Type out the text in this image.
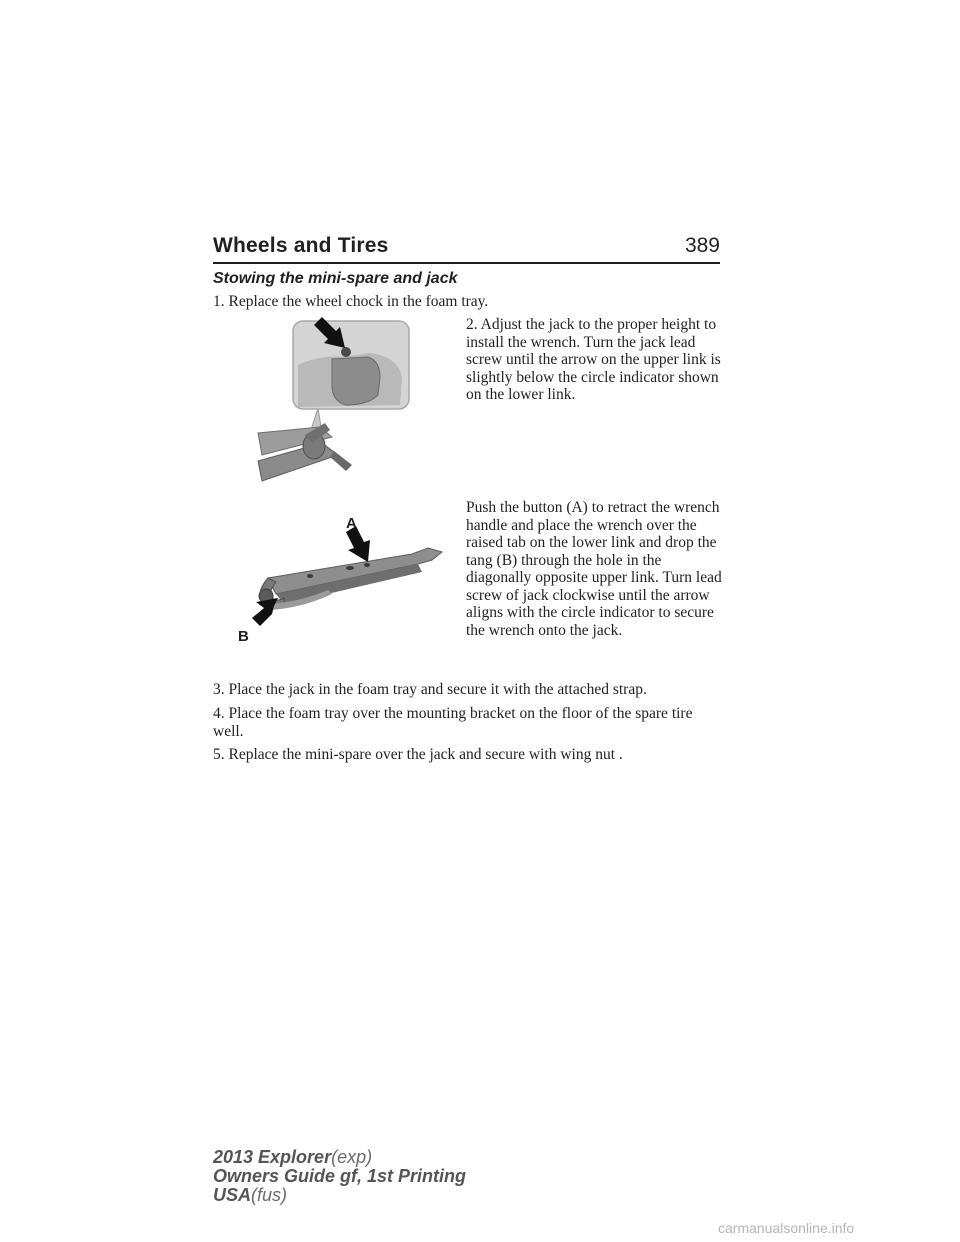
Wheels and Tires	389
Stowing the mini-spare and jack

1. Replace the wheel chock in the foam tray.

2. Adjust the jack to the proper height to install the wrench. Turn the jack lead screw until the arrow on the upper link is slightly below the circle indicator shown on the lower link.

A
B

Push the button (A) to retract the wrench handle and place the wrench over the raised tab on the lower link and drop the tang (B) through the hole in the diagonally opposite upper link. Turn lead screw of jack clockwise until the arrow aligns with the circle indicator to secure the wrench onto the jack.

3. Place the jack in the foam tray and secure it with the attached strap.

4. Place the foam tray over the mounting bracket on the floor of the spare tire well.

5. Replace the mini-spare over the jack and secure with wing nut .

2013 Explorer(exp)
Owners Guide gf, 1st Printing
USA(fus)
carmanualsonline.info
